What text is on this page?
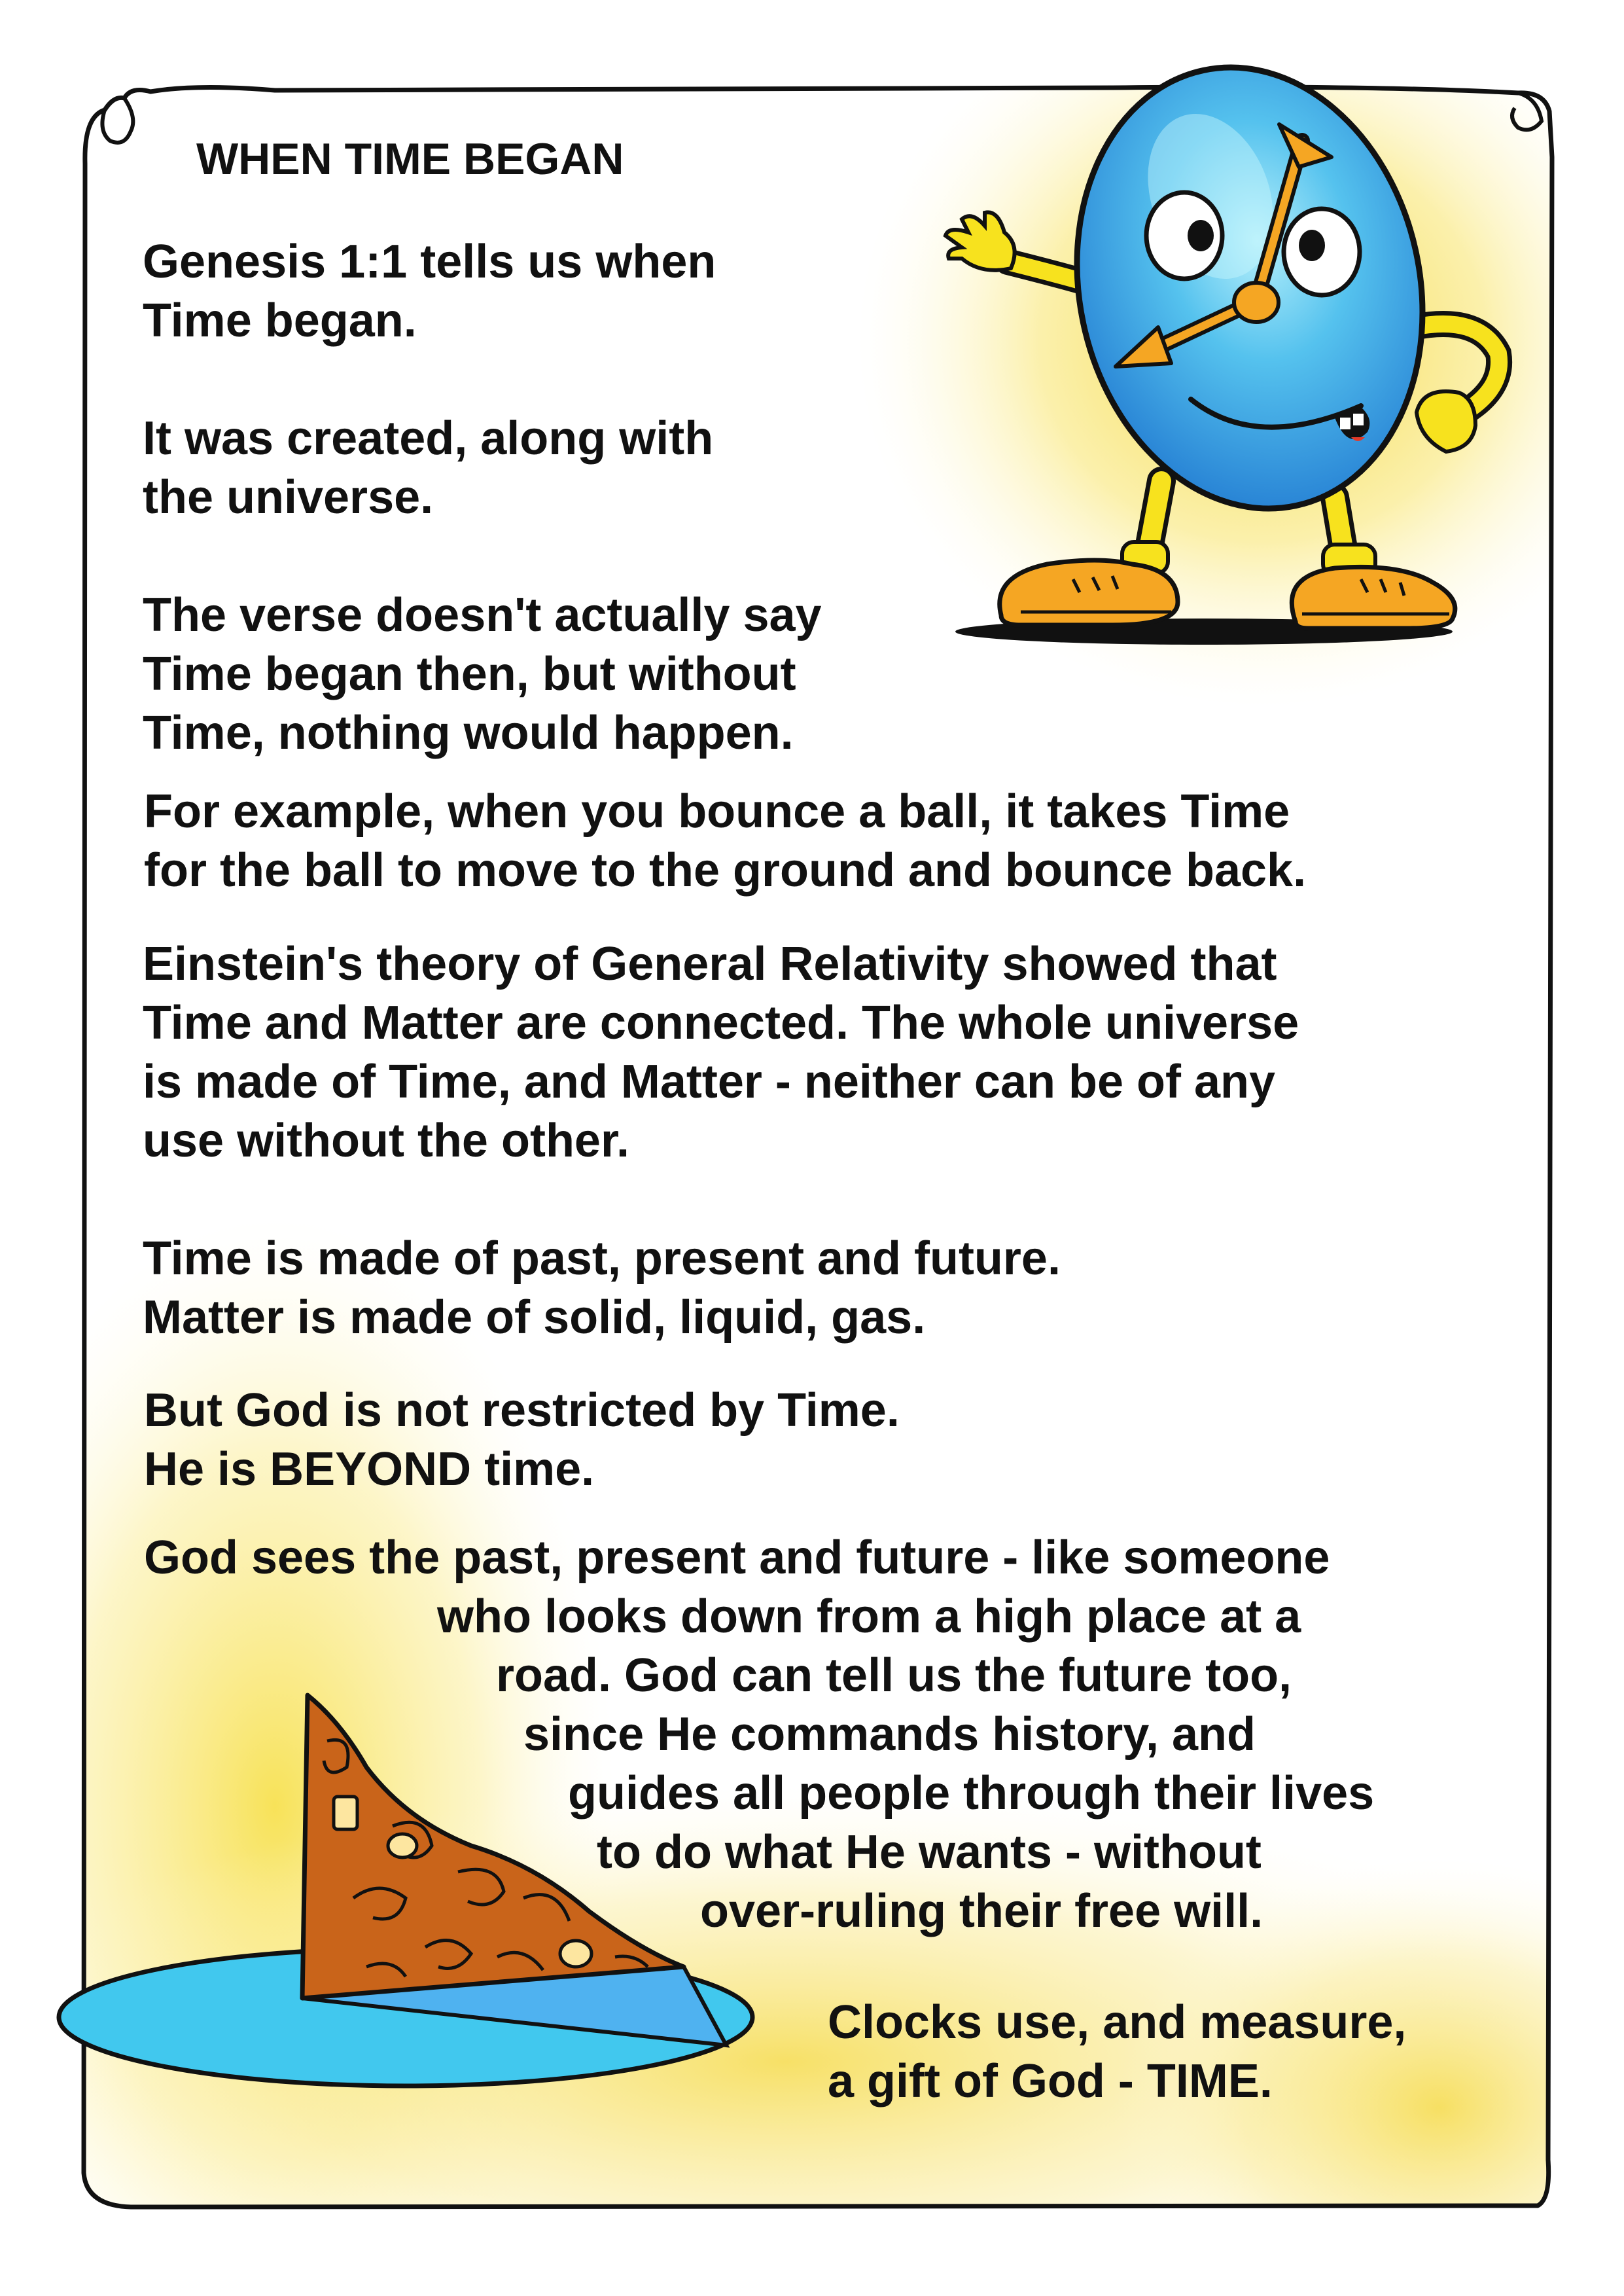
WHEN TIME BEGAN
Genesis 1:1 tells us when
Time began.
It was created, along with
the universe.
The verse doesn't actually say
Time began then, but without
Time, nothing would happen.
For example, when you bounce a ball, it takes Time
for the ball to move to the ground and bounce back.
Einstein's theory of General Relativity showed that
Time and Matter are connected. The whole universe
is made of Time, and Matter - neither can be of any
use without the other.
Time is made of past, present and future.
Matter is made of solid, liquid, gas.
But God is not restricted by Time.
He is BEYOND time.
God sees the past, present and future - like someone
who looks down from a high place at a
road. God can tell us the future too,
since He commands history, and
guides all people through their lives
to do what He wants - without
over-ruling their free will.
Clocks use, and measure,
a gift of God - TIME.
